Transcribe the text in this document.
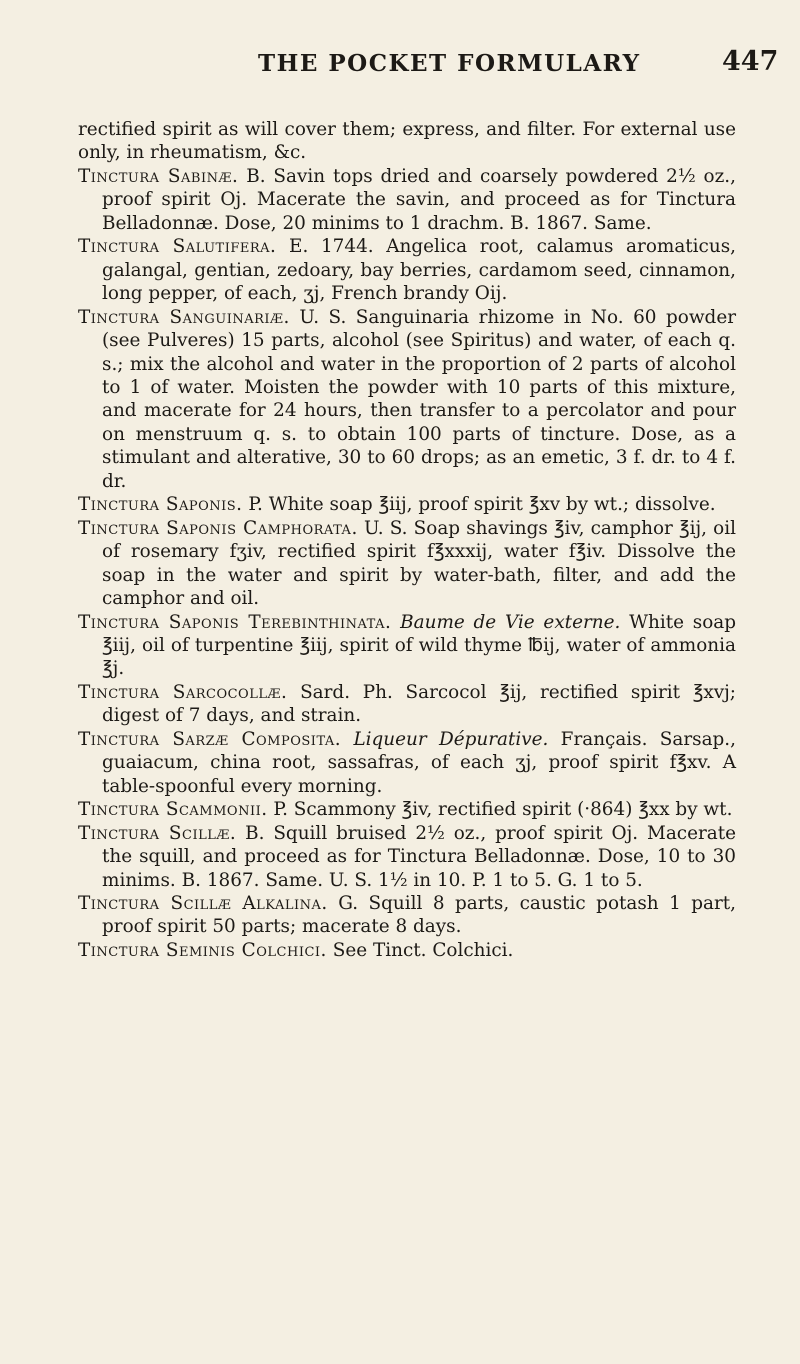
THE POCKET FORMULARY	447

rectified spirit as will cover them; express, and filter. For external use only, in rheumatism, &c.

Tinctura Sabinæ. B. Savin tops dried and coarsely powdered 2½ oz., proof spirit Oj. Macerate the savin, and proceed as for Tinctura Belladonnæ. Dose, 20 minims to 1 drachm. B. 1867. Same.

Tinctura Salutifera. E. 1744. Angelica root, calamus aromaticus, galangal, gentian, zedoary, bay berries, cardamom seed, cinnamon, long pepper, of each, ʒj, French brandy Oij.

Tinctura Sanguinariæ. U. S. Sanguinaria rhizome in No. 60 powder (see Pulveres) 15 parts, alcohol (see Spiritus) and water, of each q. s.; mix the alcohol and water in the proportion of 2 parts of alcohol to 1 of water. Moisten the powder with 10 parts of this mixture, and macerate for 24 hours, then transfer to a percolator and pour on menstruum q. s. to obtain 100 parts of tincture. Dose, as a stimulant and alterative, 30 to 60 drops; as an emetic, 3 f. dr. to 4 f. dr.

Tinctura Saponis. P. White soap ℥iij, proof spirit ℥xv by wt.; dissolve.

Tinctura Saponis Camphorata. U. S. Soap shavings ℥iv, camphor ℥ij, oil of rosemary fʒiv, rectified spirit f℥xxxij, water f℥iv. Dissolve the soap in the water and spirit by water-bath, filter, and add the camphor and oil.

Tinctura Saponis Terebinthinata. Baume de Vie externe. White soap ℥iij, oil of turpentine ℥iij, spirit of wild thyme ℔ij, water of ammonia ℥j.

Tinctura Sarcocollæ. Sard. Ph. Sarcocol ℥ij, rectified spirit ℥xvj; digest of 7 days, and strain.

Tinctura Sarzæ Composita. Liqueur Dépurative. Français. Sarsap., guaiacum, china root, sassafras, of each ʒj, proof spirit f℥xv. A table-spoonful every morning.

Tinctura Scammonii. P. Scammony ℥iv, rectified spirit (·864) ℥xx by wt.

Tinctura Scillæ. B. Squill bruised 2½ oz., proof spirit Oj. Macerate the squill, and proceed as for Tinctura Belladonnæ. Dose, 10 to 30 minims. B. 1867. Same. U. S. 1½ in 10. P. 1 to 5. G. 1 to 5.

Tinctura Scillæ Alkalina. G. Squill 8 parts, caustic potash 1 part, proof spirit 50 parts; macerate 8 days.

Tinctura Seminis Colchici. See Tinct. Colchici.
